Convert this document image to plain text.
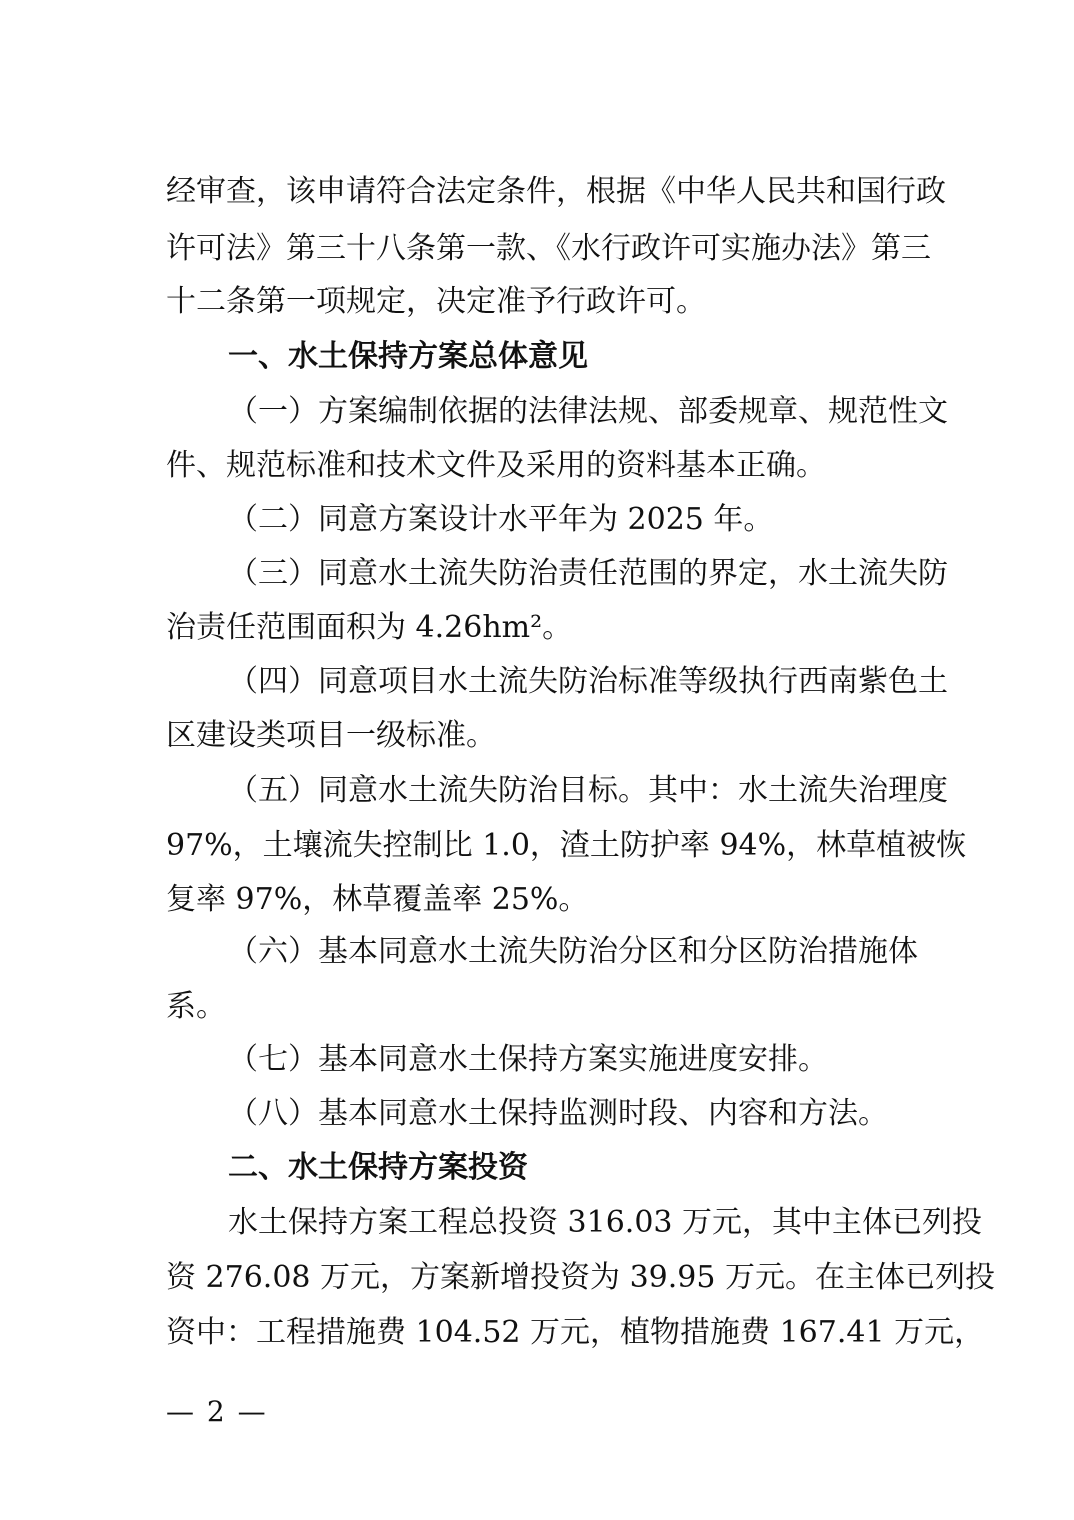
经审查，该申请符合法定条件，根据《中华人民共和国行政
许可法》第三十八条第一款、《水行政许可实施办法》第三
十二条第一项规定，决定准予行政许可。
一、水土保持方案总体意见
（一）方案编制依据的法律法规、部委规章、规范性文
件、规范标准和技术文件及采用的资料基本正确。
（二）同意方案设计水平年为 2025 年。
（三）同意水土流失防治责任范围的界定，水土流失防
治责任范围面积为 4.26hm²。
（四）同意项目水土流失防治标准等级执行西南紫色土
区建设类项目一级标准。
（五）同意水土流失防治目标。其中：水土流失治理度
97%，土壤流失控制比 1.0，渣土防护率 94%，林草植被恢
复率 97%，林草覆盖率 25%。
（六）基本同意水土流失防治分区和分区防治措施体
系。
（七）基本同意水土保持方案实施进度安排。
（八）基本同意水土保持监测时段、内容和方法。
二、水土保持方案投资
水土保持方案工程总投资 316.03 万元，其中主体已列投
资 276.08 万元，方案新增投资为 39.95 万元。在主体已列投
资中：工程措施费 104.52 万元，植物措施费 167.41 万元，
— 2 —
